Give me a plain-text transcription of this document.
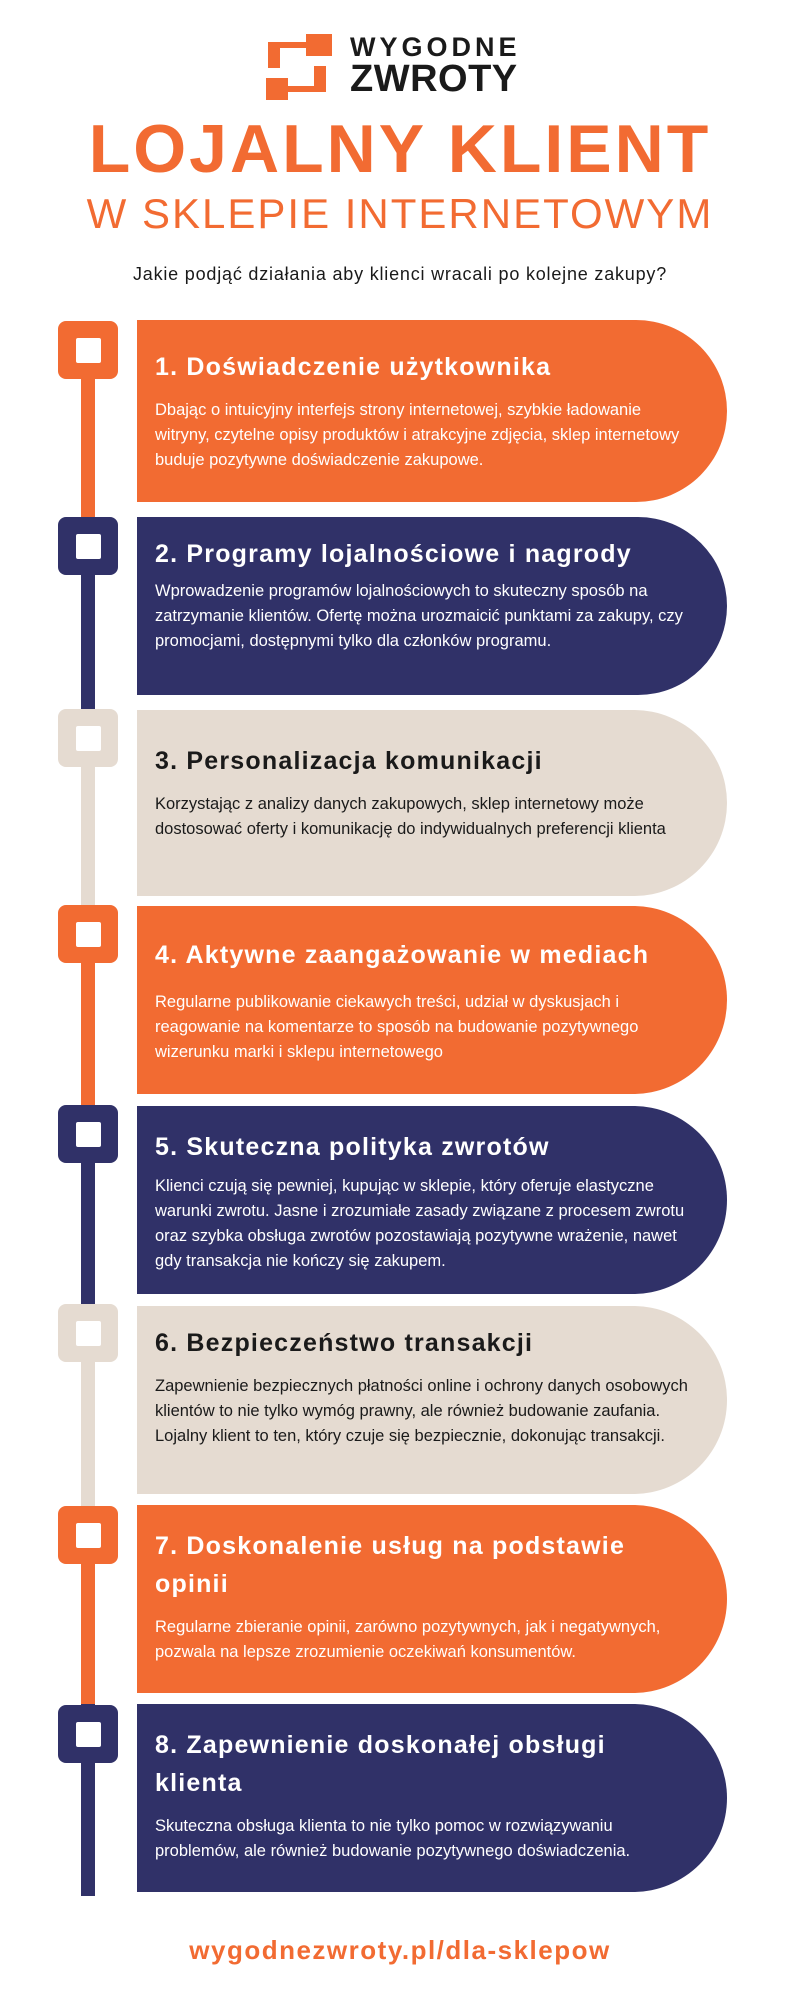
WYGODNE
ZWROTY
LOJALNY KLIENT
W SKLEPIE INTERNETOWYM
Jakie podjąć działania aby klienci wracali po kolejne zakupy?
1. Doświadczenie użytkownika

Dbając o intuicyjny interfejs strony internetowej, szybkie ładowanie witryny, czytelne opisy produktów i atrakcyjne zdjęcia, sklep internetowy buduje pozytywne doświadczenie zakupowe.

2. Programy lojalnościowe i nagrody

Wprowadzenie programów lojalnościowych to skuteczny sposób na zatrzymanie klientów. Ofertę można urozmaicić punktami za zakupy, czy promocjami, dostępnymi tylko dla członków programu.

3. Personalizacja komunikacji

Korzystając z analizy danych zakupowych, sklep internetowy może dostosować oferty i komunikację do indywidualnych preferencji klienta

4. Aktywne zaangażowanie w mediach

Regularne publikowanie ciekawych treści, udział w dyskusjach i reagowanie na komentarze to sposób na budowanie pozytywnego wizerunku marki i sklepu internetowego

5. Skuteczna polityka zwrotów

Klienci czują się pewniej, kupując w sklepie, który oferuje elastyczne warunki zwrotu. Jasne i zrozumiałe zasady związane z procesem zwrotu oraz szybka obsługa zwrotów pozostawiają pozytywne wrażenie, nawet gdy transakcja nie kończy się zakupem.

6. Bezpieczeństwo transakcji

Zapewnienie bezpiecznych płatności online i ochrony danych osobowych klientów to nie tylko wymóg prawny, ale również budowanie zaufania. Lojalny klient to ten, który czuje się bezpiecznie, dokonując transakcji.

7. Doskonalenie usług na podstawie opinii

Regularne zbieranie opinii, zarówno pozytywnych, jak i negatywnych, pozwala na lepsze zrozumienie oczekiwań konsumentów.

8. Zapewnienie doskonałej obsługi klienta

Skuteczna obsługa klienta to nie tylko pomoc w rozwiązywaniu problemów, ale również budowanie pozytywnego doświadczenia.

wygodnezwroty.pl/dla-sklepow
